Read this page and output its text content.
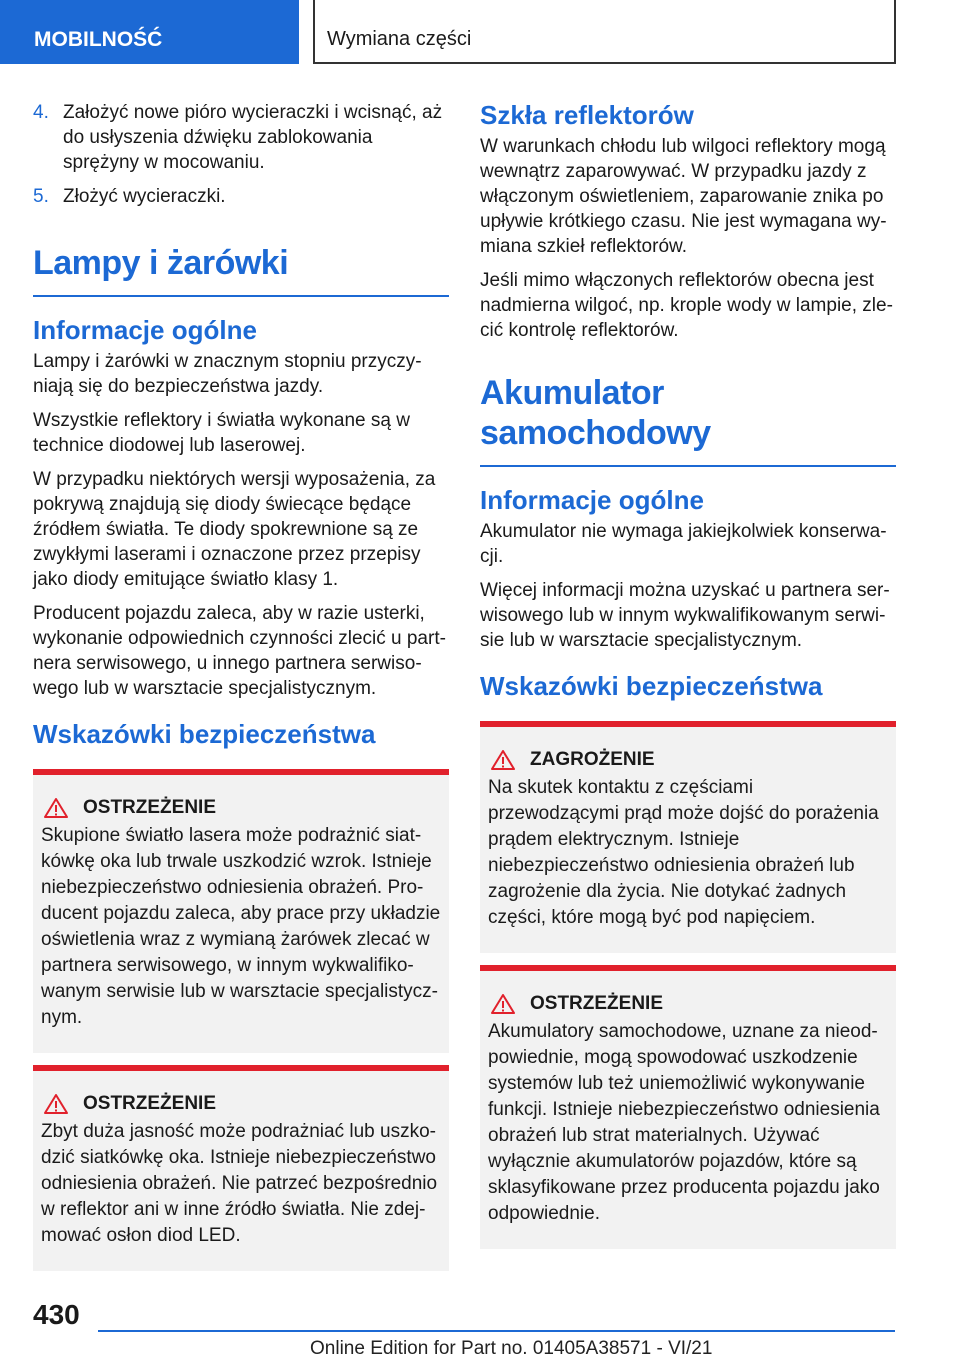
MOBILNOŚĆ	Wymiana części
4. Założyć nowe pióro wycieraczki i wcisnąć, aż do usłyszenia dźwięku zablokowania sprężyny w mocowaniu.
5. Złożyć wycieraczki.
Lampy i żarówki
Informacje ogólne

Lampy i żarówki w znacznym stopniu przyczyniają się do bezpieczeństwa jazdy.

Wszystkie reflektory i światła wykonane są w technice diodowej lub laserowej.

W przypadku niektórych wersji wyposażenia, za pokrywą znajdują się diody świecące będące źródłem światła. Te diody spokrewnione są ze zwykłymi laserami i oznaczone przez przepisy jako diody emitujące światło klasy 1.

Producent pojazdu zaleca, aby w razie usterki, wykonanie odpowiednich czynności zlecić u partnera serwisowego, u innego partnera serwisowego lub w warsztacie specjalistycznym.

Wskazówki bezpieczeństwa
OSTRZEŻENIE
Skupione światło lasera może podrażnić siatkówkę oka lub trwale uszkodzić wzrok. Istnieje niebezpieczeństwo odniesienia obrażeń. Producent pojazdu zaleca, aby prace przy układzie oświetlenia wraz z wymianą żarówek zlecać w partnera serwisowego, w innym wykwalifikowanym serwisie lub w warsztacie specjalistycznym.
OSTRZEŻENIE
Zbyt duża jasność może podrażniać lub uszkodzić siatkówkę oka. Istnieje niebezpieczeństwo odniesienia obrażeń. Nie patrzeć bezpośrednio w reflektor ani w inne źródło światła. Nie zdejmować osłon diod LED.
Szkła reflektorów

W warunkach chłodu lub wilgoci reflektory mogą wewnątrz zaparowywać. W przypadku jazdy z włączonym oświetleniem, zaparowanie znika po upływie krótkiego czasu. Nie jest wymagana wymiana szkieł reflektorów.

Jeśli mimo włączonych reflektorów obecna jest nadmierna wilgoć, np. krople wody w lampie, zlecić kontrolę reflektorów.

Akumulator samochodowy
Informacje ogólne

Akumulator nie wymaga jakiejkolwiek konserwacji.

Więcej informacji można uzyskać u partnera serwisowego lub w innym wykwalifikowanym serwisie lub w warsztacie specjalistycznym.

Wskazówki bezpieczeństwa
ZAGROŻENIE
Na skutek kontaktu z częściami przewodzącymi prąd może dojść do porażenia prądem elektrycznym. Istnieje niebezpieczeństwo odniesienia obrażeń lub zagrożenie dla życia. Nie dotykać żadnych części, które mogą być pod napięciem.
OSTRZEŻENIE
Akumulatory samochodowe, uznane za nieodpowiednie, mogą spowodować uszkodzenie systemów lub też uniemożliwić wykonywanie funkcji. Istnieje niebezpieczeństwo odniesienia obrażeń lub strat materialnych. Używać wyłącznie akumulatorów pojazdów, które są sklasyfikowane przez producenta pojazdu jako odpowiednie.
430
Online Edition for Part no. 01405A38571 - VI/21
